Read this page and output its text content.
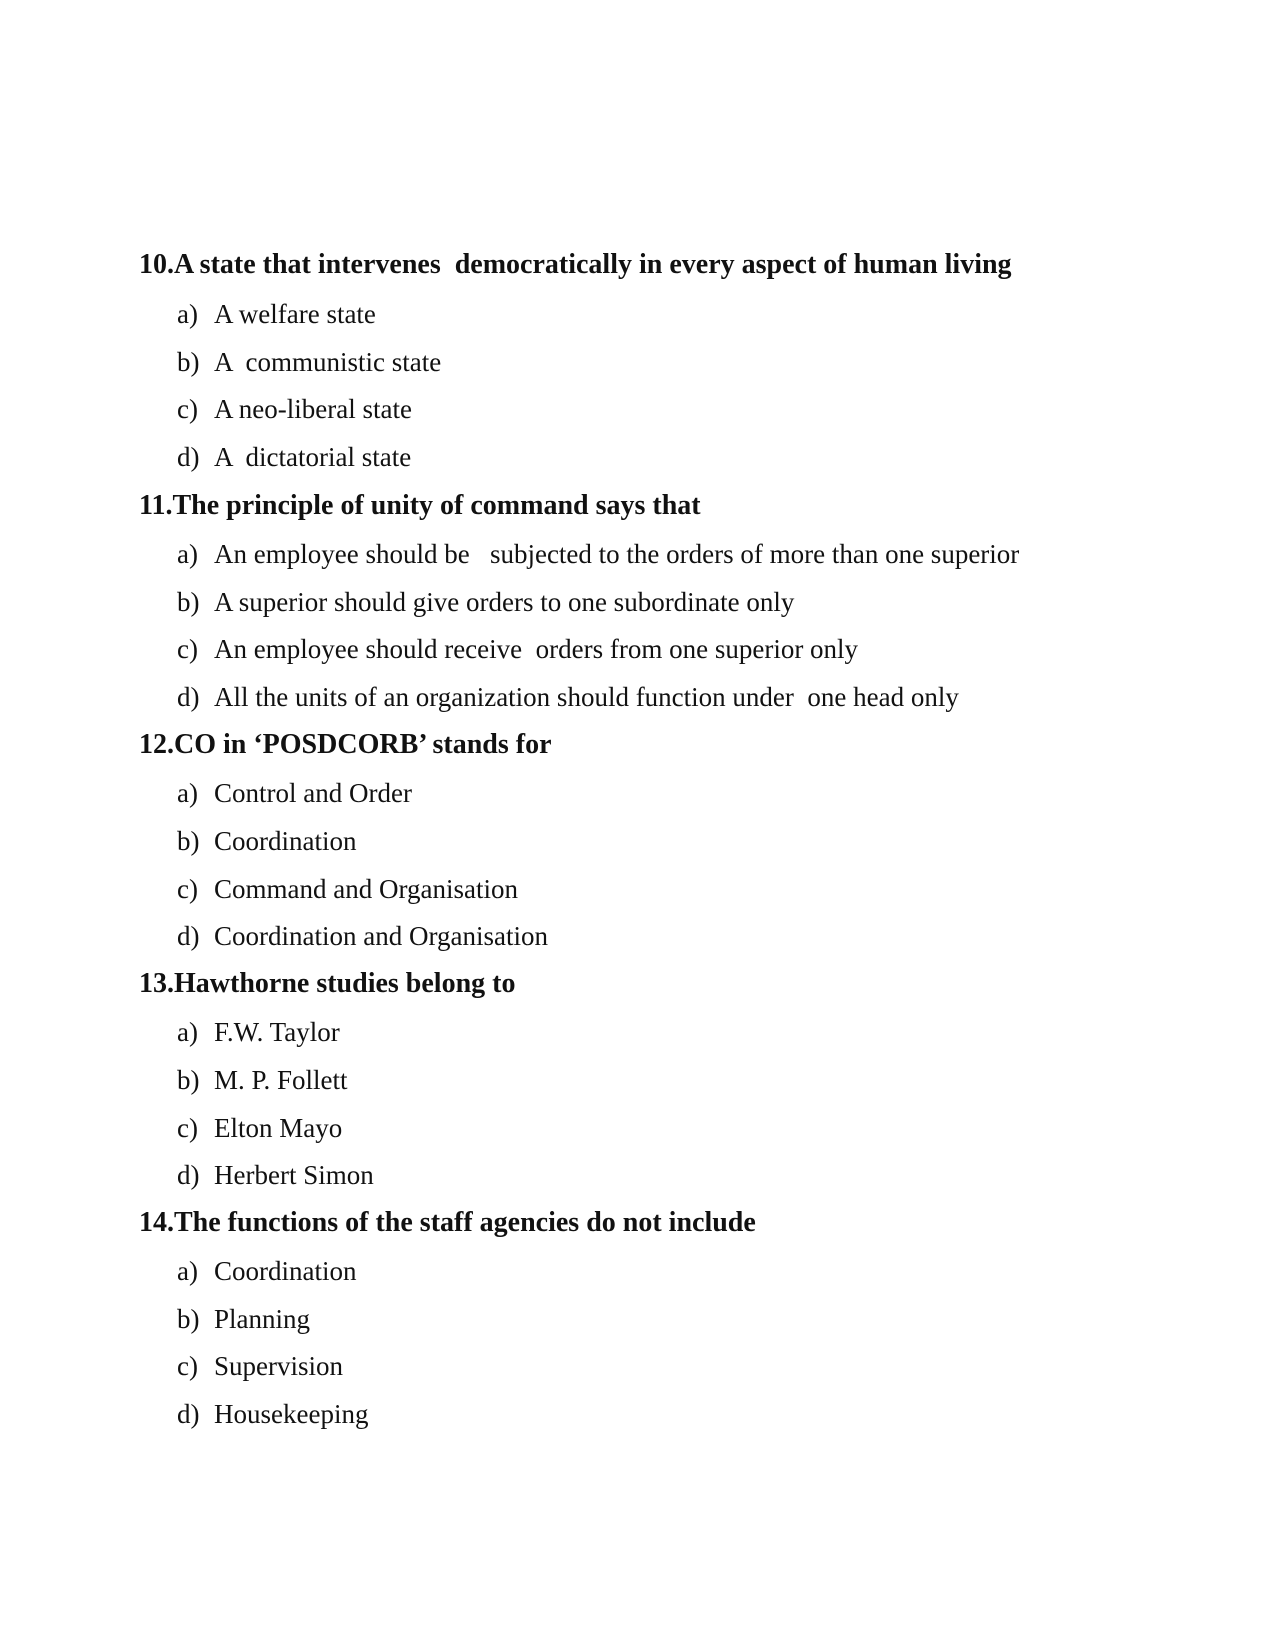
10.A state that intervenes  democratically in every aspect of human living

a) A welfare state

b) A  communistic state

c) A neo-liberal state

d) A  dictatorial state

11.The principle of unity of command says that

a) An employee should be   subjected to the orders of more than one superior

b) A superior should give orders to one subordinate only

c) An employee should receive  orders from one superior only

d) All the units of an organization should function under  one head only

12.CO in ‘POSDCORB’ stands for

a) Control and Order

b) Coordination

c) Command and Organisation

d) Coordination and Organisation

13.Hawthorne studies belong to

a) F.W. Taylor

b) M. P. Follett

c) Elton Mayo

d) Herbert Simon

14.The functions of the staff agencies do not include

a) Coordination

b) Planning

c) Supervision

d) Housekeeping
